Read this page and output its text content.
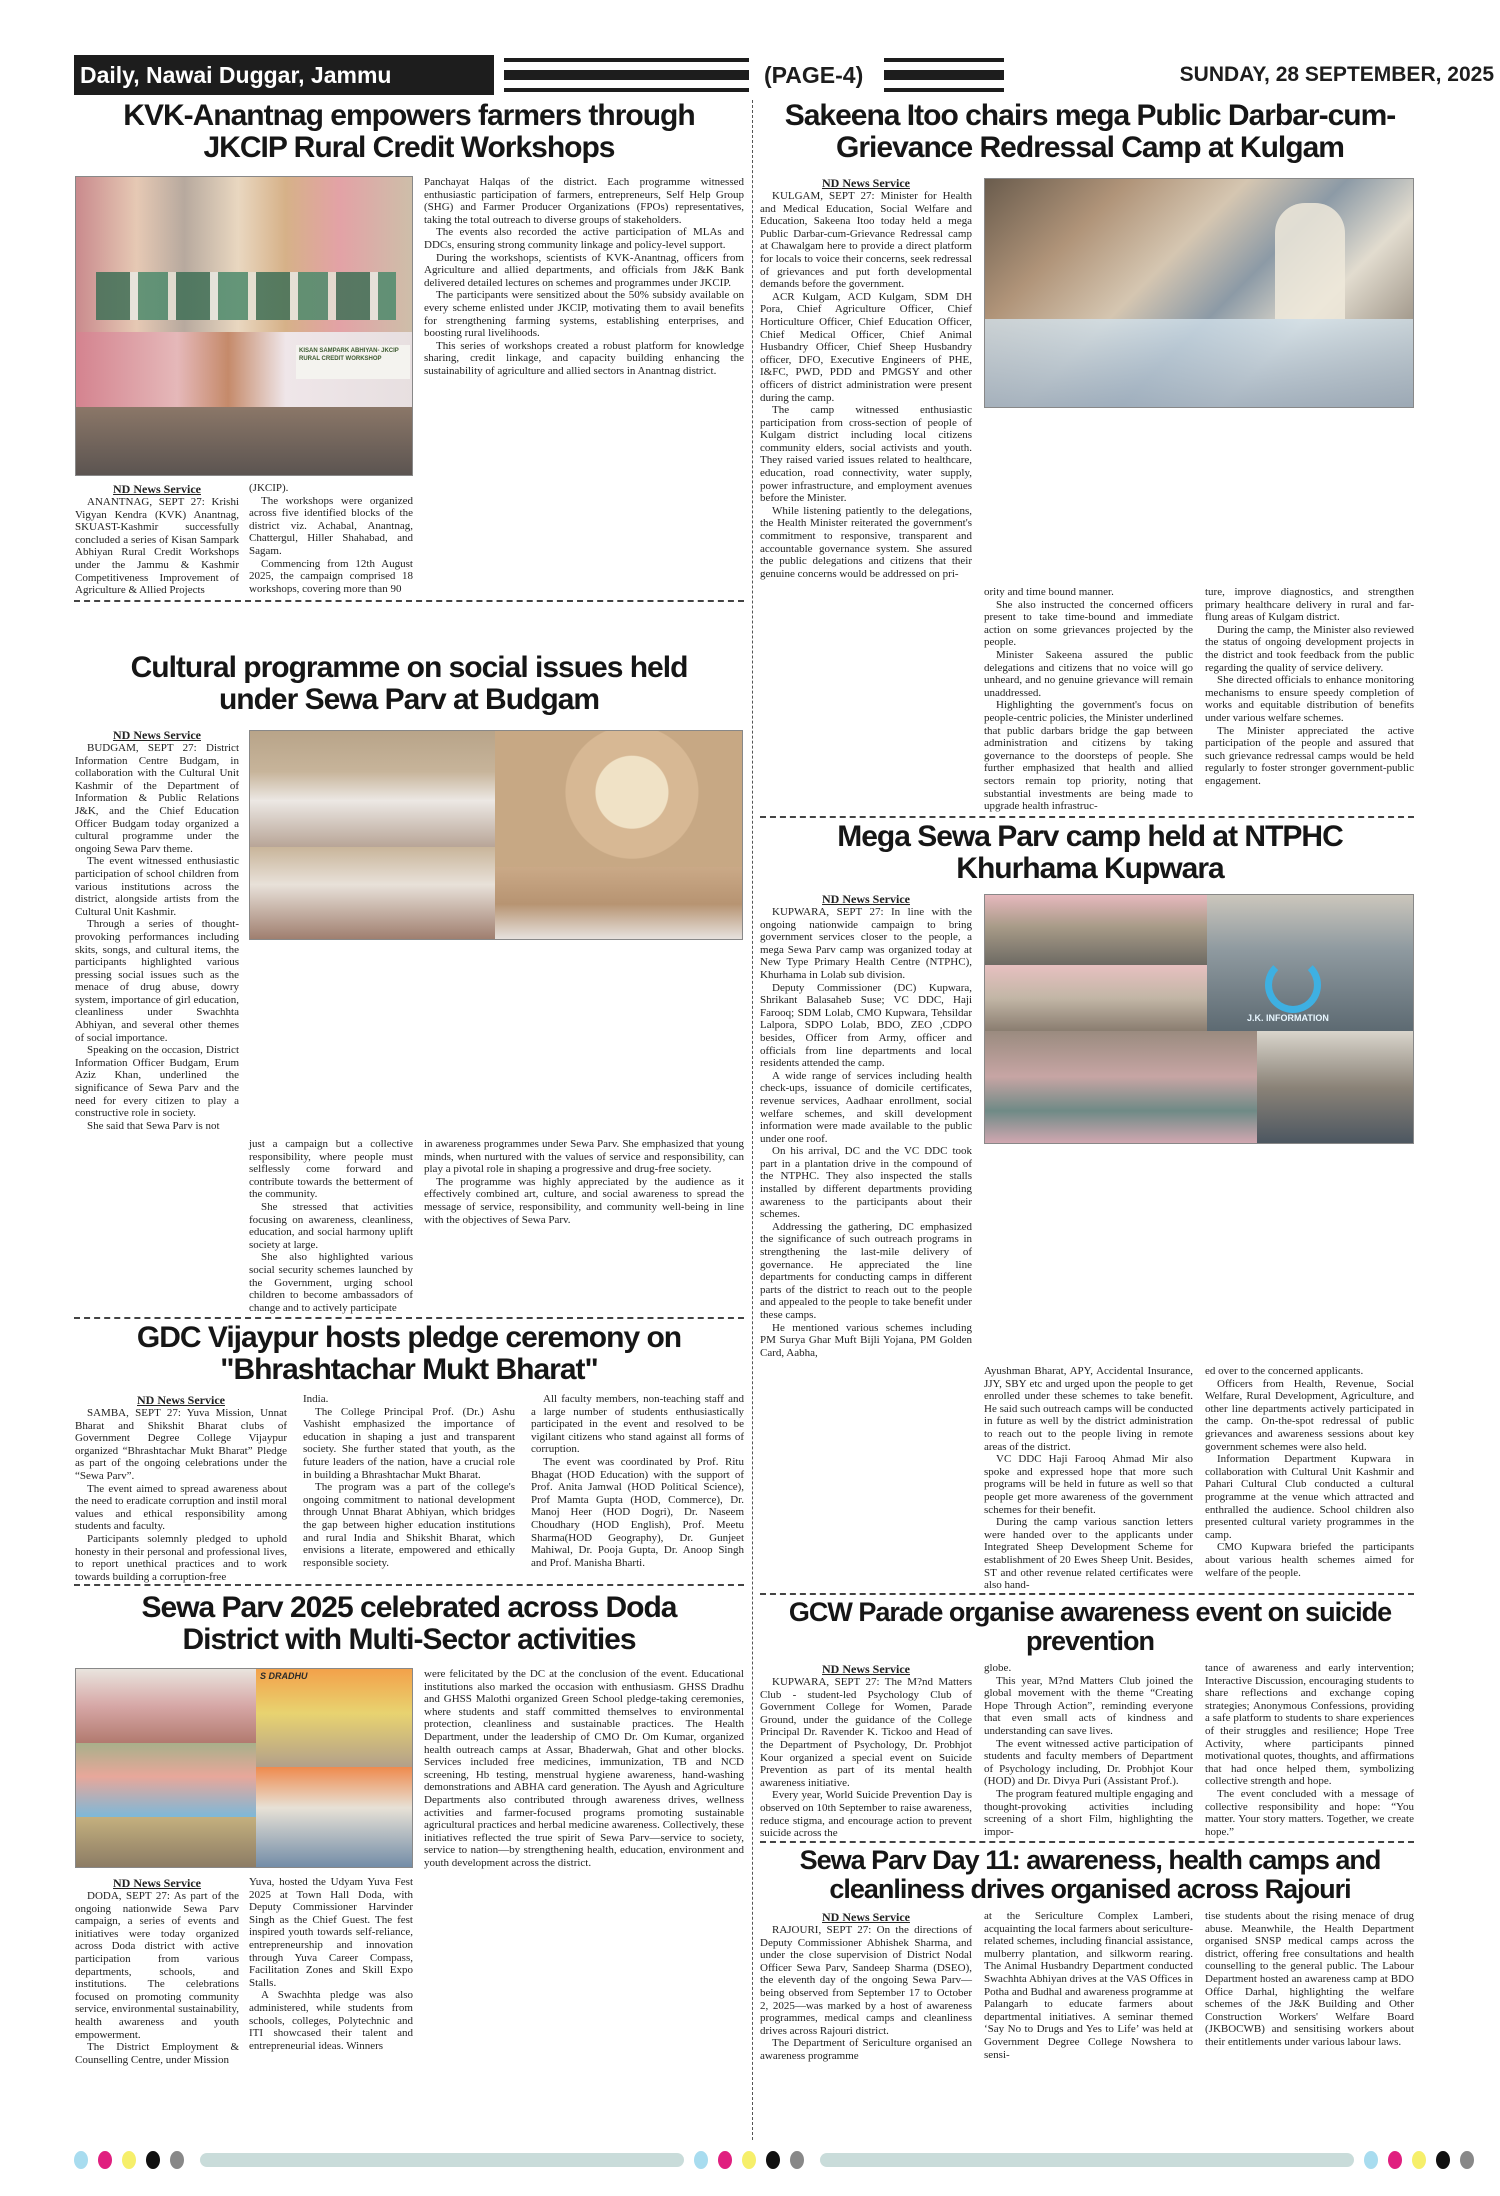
Daily, Nawai Duggar, Jammu	(PAGE-4)	SUNDAY, 28 SEPTEMBER, 2025
KVK-Anantnag empowers farmers through
JKCIP Rural Credit Workshops
KISAN SAMPARK ABHIYAN- JKCIP RURAL CREDIT WORKSHOP
ND News Service

ANANTNAG, SEPT 27: Krishi Vigyan Kendra (KVK) Anantnag, SKUAST-Kashmir successfully concluded a series of Kisan Sampark Abhiyan Rural Credit Workshops under the Jammu & Kashmir Competitiveness Improvement of Agriculture & Allied Projects

(JKCIP).

The workshops were organized across five identified blocks of the district viz. Achabal, Anantnag, Chattergul, Hiller Shahabad, and Sagam.

Commencing from 12th August 2025, the campaign comprised 18 workshops, covering more than 90

Panchayat Halqas of the district. Each programme witnessed enthusiastic participation of farmers, entrepreneurs, Self Help Group (SHG) and Farmer Producer Organizations (FPOs) representatives, taking the total outreach to diverse groups of stakeholders.

The events also recorded the active participation of MLAs and DDCs, ensuring strong community linkage and policy-level support.

During the workshops, scientists of KVK-Anantnag, officers from Agriculture and allied departments, and officials from J&K Bank delivered detailed lectures on schemes and programmes under JKCIP.

The participants were sensitized about the 50% subsidy available on every scheme enlisted under JKCIP, motivating them to avail benefits for strengthening farming systems, establishing enterprises, and boosting rural livelihoods.

This series of workshops created a robust platform for knowledge sharing, credit linkage, and capacity building enhancing the sustainability of agriculture and allied sectors in Anantnag district.

Cultural programme on social issues held
under Sewa Parv at Budgam
ND News Service

BUDGAM, SEPT 27: District Information Centre Budgam, in collaboration with the Cultural Unit Kashmir of the Department of Information & Public Relations J&K, and the Chief Education Officer Budgam today organized a cultural programme under the ongoing Sewa Parv theme.

The event witnessed enthusiastic participation of school children from various institutions across the district, alongside artists from the Cultural Unit Kashmir.

Through a series of thought-provoking performances including skits, songs, and cultural items, the participants highlighted various pressing social issues such as the menace of drug abuse, dowry system, importance of girl education, cleanliness under Swachhta Abhiyan, and several other themes of social importance.

Speaking on the occasion, District Information Officer Budgam, Erum Aziz Khan, underlined the significance of Sewa Parv and the need for every citizen to play a constructive role in society.

She said that Sewa Parv is not

just a campaign but a collective responsibility, where people must selflessly come forward and contribute towards the betterment of the community.

She stressed that activities focusing on awareness, cleanliness, education, and social harmony uplift society at large.

She also highlighted various social security schemes launched by the Government, urging school children to become ambassadors of change and to actively participate

in awareness programmes under Sewa Parv. She emphasized that young minds, when nurtured with the values of service and responsibility, can play a pivotal role in shaping a progressive and drug-free society.

The programme was highly appreciated by the audience as it effectively combined art, culture, and social awareness to spread the message of service, responsibility, and community well-being in line with the objectives of Sewa Parv.

GDC Vijaypur hosts pledge ceremony on
"Bhrashtachar Mukt Bharat"
ND News Service

SAMBA, SEPT 27: Yuva Mission, Unnat Bharat and Shikshit Bharat clubs of Government Degree College Vijaypur organized “Bhrashtachar Mukt Bharat” Pledge as part of the ongoing celebrations under the “Sewa Parv”.

The event aimed to spread awareness about the need to eradicate corruption and instil moral values and ethical responsibility among students and faculty.

Participants solemnly pledged to uphold honesty in their personal and professional lives, to report unethical practices and to work towards building a corruption-free

India.

The College Principal Prof. (Dr.) Ashu Vashisht emphasized the importance of education in shaping a just and transparent society. She further stated that youth, as the future leaders of the nation, have a crucial role in building a Bhrashtachar Mukt Bharat.

The program was a part of the college's ongoing commitment to national development through Unnat Bharat Abhiyan, which bridges the gap between higher education institutions and rural India and Shikshit Bharat, which envisions a literate, empowered and ethically responsible society.

All faculty members, non-teaching staff and a large number of students enthusiastically participated in the event and resolved to be vigilant citizens who stand against all forms of corruption.

The event was coordinated by Prof. Ritu Bhagat (HOD Education) with the support of Prof. Anita Jamwal (HOD Political Science), Prof Mamta Gupta (HOD, Commerce), Dr. Manoj Heer (HOD Dogri), Dr. Naseem Choudhary (HOD English), Prof. Meetu Sharma(HOD Geography), Dr. Gunjeet Mahiwal, Dr. Pooja Gupta, Dr. Anoop Singh and Prof. Manisha Bharti.

Sewa Parv 2025 celebrated across Doda
District with Multi-Sector activities
S DRADHU
ND News Service

DODA, SEPT 27: As part of the ongoing nationwide Sewa Parv campaign, a series of events and initiatives were today organized across Doda district with active participation from various departments, schools, and institutions. The celebrations focused on promoting community service, environmental sustainability, health awareness and youth empowerment.

The District Employment & Counselling Centre, under Mission

Yuva, hosted the Udyam Yuva Fest 2025 at Town Hall Doda, with Deputy Commissioner Harvinder Singh as the Chief Guest. The fest inspired youth towards self-reliance, entrepreneurship and innovation through Yuva Career Compass, Facilitation Zones and Skill Expo Stalls.

A Swachhta pledge was also administered, while students from schools, colleges, Polytechnic and ITI showcased their talent and entrepreneurial ideas. Winners

were felicitated by the DC at the conclusion of the event. Educational institutions also marked the occasion with enthusiasm. GHSS Dradhu and GHSS Malothi organized Green School pledge-taking ceremonies, where students and staff committed themselves to environmental protection, cleanliness and sustainable practices. The Health Department, under the leadership of CMO Dr. Om Kumar, organized health outreach camps at Assar, Bhaderwah, Ghat and other blocks. Services included free medicines, immunization, TB and NCD screening, Hb testing, menstrual hygiene awareness, hand-washing demonstrations and ABHA card generation. The Ayush and Agriculture Departments also contributed through awareness drives, wellness activities and farmer-focused programs promoting sustainable agricultural practices and herbal medicine awareness. Collectively, these initiatives reflected the true spirit of Sewa Parv—service to society, service to nation—by strengthening health, education, environment and youth development across the district.

Sakeena Itoo chairs mega Public Darbar-cum-
Grievance Redressal Camp at Kulgam
ND News Service

KULGAM, SEPT 27: Minister for Health and Medical Education, Social Welfare and Education, Sakeena Itoo today held a mega Public Darbar-cum-Grievance Redressal camp at Chawalgam here to provide a direct platform for locals to voice their concerns, seek redressal of grievances and put forth developmental demands before the government.

ACR Kulgam, ACD Kulgam, SDM DH Pora, Chief Agriculture Officer, Chief Horticulture Officer, Chief Education Officer, Chief Medical Officer, Chief Animal Husbandry Officer, Chief Sheep Husbandry officer, DFO, Executive Engineers of PHE, I&FC, PWD, PDD and PMGSY and other officers of district administration were present during the camp.

The camp witnessed enthusiastic participation from cross-section of people of Kulgam district including local citizens community elders, social activists and youth. They raised varied issues related to healthcare, education, road connectivity, water supply, power infrastructure, and employment avenues before the Minister.

While listening patiently to the delegations, the Health Minister reiterated the government's commitment to responsive, transparent and accountable governance system. She assured the public delegations and citizens that their genuine concerns would be addressed on pri-

ority and time bound manner.

She also instructed the concerned officers present to take time-bound and immediate action on some grievances projected by the people.

Minister Sakeena assured the public delegations and citizens that no voice will go unheard, and no genuine grievance will remain unaddressed.

Highlighting the government's focus on people-centric policies, the Minister underlined that public darbars bridge the gap between administration and citizens by taking governance to the doorsteps of people. She further emphasized that health and allied sectors remain top priority, noting that substantial investments are being made to upgrade health infrastruc-

ture, improve diagnostics, and strengthen primary healthcare delivery in rural and far-flung areas of Kulgam district.

During the camp, the Minister also reviewed the status of ongoing development projects in the district and took feedback from the public regarding the quality of service delivery.

She directed officials to enhance monitoring mechanisms to ensure speedy completion of works and equitable distribution of benefits under various welfare schemes.

The Minister appreciated the active participation of the people and assured that such grievance redressal camps would be held regularly to foster stronger government-public engagement.

Mega Sewa Parv camp held at NTPHC
Khurhama Kupwara
ND News Service

KUPWARA, SEPT 27: In line with the ongoing nationwide campaign to bring government services closer to the people, a mega Sewa Parv camp was organized today at New Type Primary Health Centre (NTPHC), Khurhama in Lolab sub division.

Deputy Commissioner (DC) Kupwara, Shrikant Balasaheb Suse; VC DDC, Haji Farooq; SDM Lolab, CMO Kupwara, Tehsildar Lalpora, SDPO Lolab, BDO, ZEO ,CDPO besides, Officer from Army, officer and officials from line departments and local residents attended the camp.

A wide range of services including health check-ups, issuance of domicile certificates, revenue services, Aadhaar enrollment, social welfare schemes, and skill development information were made available to the public under one roof.

On his arrival, DC and the VC DDC took part in a plantation drive in the compound of the NTPHC. They also inspected the stalls installed by different departments providing awareness to the participants about their schemes.

Addressing the gathering, DC emphasized the significance of such outreach programs in strengthening the last-mile delivery of governance. He appreciated the line departments for conducting camps in different parts of the district to reach out to the people and appealed to the people to take benefit under these camps.

He mentioned various schemes including PM Surya Ghar Muft Bijli Yojana, PM Golden Card, Aabha,

J.K. INFORMATION

Ayushman Bharat, APY, Accidental Insurance, JJY, SBY etc and urged upon the people to get enrolled under these schemes to take benefit. He said such outreach camps will be conducted in future as well by the district administration to reach out to the people living in remote areas of the district.

VC DDC Haji Farooq Ahmad Mir also spoke and expressed hope that more such programs will be held in future as well so that people get more awareness of the government schemes for their benefit.

During the camp various sanction letters were handed over to the applicants under Integrated Sheep Development Scheme for establishment of 20 Ewes Sheep Unit. Besides, ST and other revenue related certificates were also hand-

ed over to the concerned applicants.

Officers from Health, Revenue, Social Welfare, Rural Development, Agriculture, and other line departments actively participated in the camp. On-the-spot redressal of public grievances and awareness sessions about key government schemes were also held.

Information Department Kupwara in collaboration with Cultural Unit Kashmir and Pahari Cultural Club conducted a cultural programme at the venue which attracted and enthralled the audience. School children also presented cultural variety programmes in the camp.

CMO Kupwara briefed the participants about various health schemes aimed for welfare of the people.

GCW Parade organise awareness event on suicide prevention
ND News Service

KUPWARA, SEPT 27: The M?nd Matters Club - student-led Psychology Club of Government College for Women, Parade Ground, under the guidance of the College Principal Dr. Ravender K. Tickoo and Head of the Department of Psychology, Dr. Probhjot Kour organized a special event on Suicide Prevention as part of its mental health awareness initiative.

Every year, World Suicide Prevention Day is observed on 10th September to raise awareness, reduce stigma, and encourage action to prevent suicide across the

globe.

This year, M?nd Matters Club joined the global movement with the theme “Creating Hope Through Action”, reminding everyone that even small acts of kindness and understanding can save lives.

The event witnessed active participation of students and faculty members of Department of Psychology including, Dr. Probhjot Kour (HOD) and Dr. Divya Puri (Assistant Prof.).

The program featured multiple engaging and thought-provoking activities including screening of a short Film, highlighting the impor-

tance of awareness and early intervention; Interactive Discussion, encouraging students to share reflections and exchange coping strategies; Anonymous Confessions, providing a safe platform to students to share experiences of their struggles and resilience; Hope Tree Activity, where participants pinned motivational quotes, thoughts, and affirmations that had once helped them, symbolizing collective strength and hope.

The event concluded with a message of collective responsibility and hope: “You matter. Your story matters. Together, we create hope.”

Sewa Parv Day 11: awareness, health camps and
cleanliness drives organised across Rajouri
ND News Service

RAJOURI, SEPT 27: On the directions of Deputy Commissioner Abhishek Sharma, and under the close supervision of District Nodal Officer Sewa Parv, Sandeep Sharma (DSEO), the eleventh day of the ongoing Sewa Parv—being observed from September 17 to October 2, 2025—was marked by a host of awareness programmes, medical camps and cleanliness drives across Rajouri district.

The Department of Sericulture organised an awareness programme

at the Sericulture Complex Lamberi, acquainting the local farmers about sericulture-related schemes, including financial assistance, mulberry plantation, and silkworm rearing. The Animal Husbandry Department conducted Swachhta Abhiyan drives at the VAS Offices in Potha and Budhal and awareness programme at Palangarh to educate farmers about departmental initiatives. A seminar themed ‘Say No to Drugs and Yes to Life’ was held at Government Degree College Nowshera to sensi-

tise students about the rising menace of drug abuse. Meanwhile, the Health Department organised SNSP medical camps across the district, offering free consultations and health counselling to the general public. The Labour Department hosted an awareness camp at BDO Office Darhal, highlighting the welfare schemes of the J&K Building and Other Construction Workers' Welfare Board (JKBOCWB) and sensitising workers about their entitlements under various labour laws.
